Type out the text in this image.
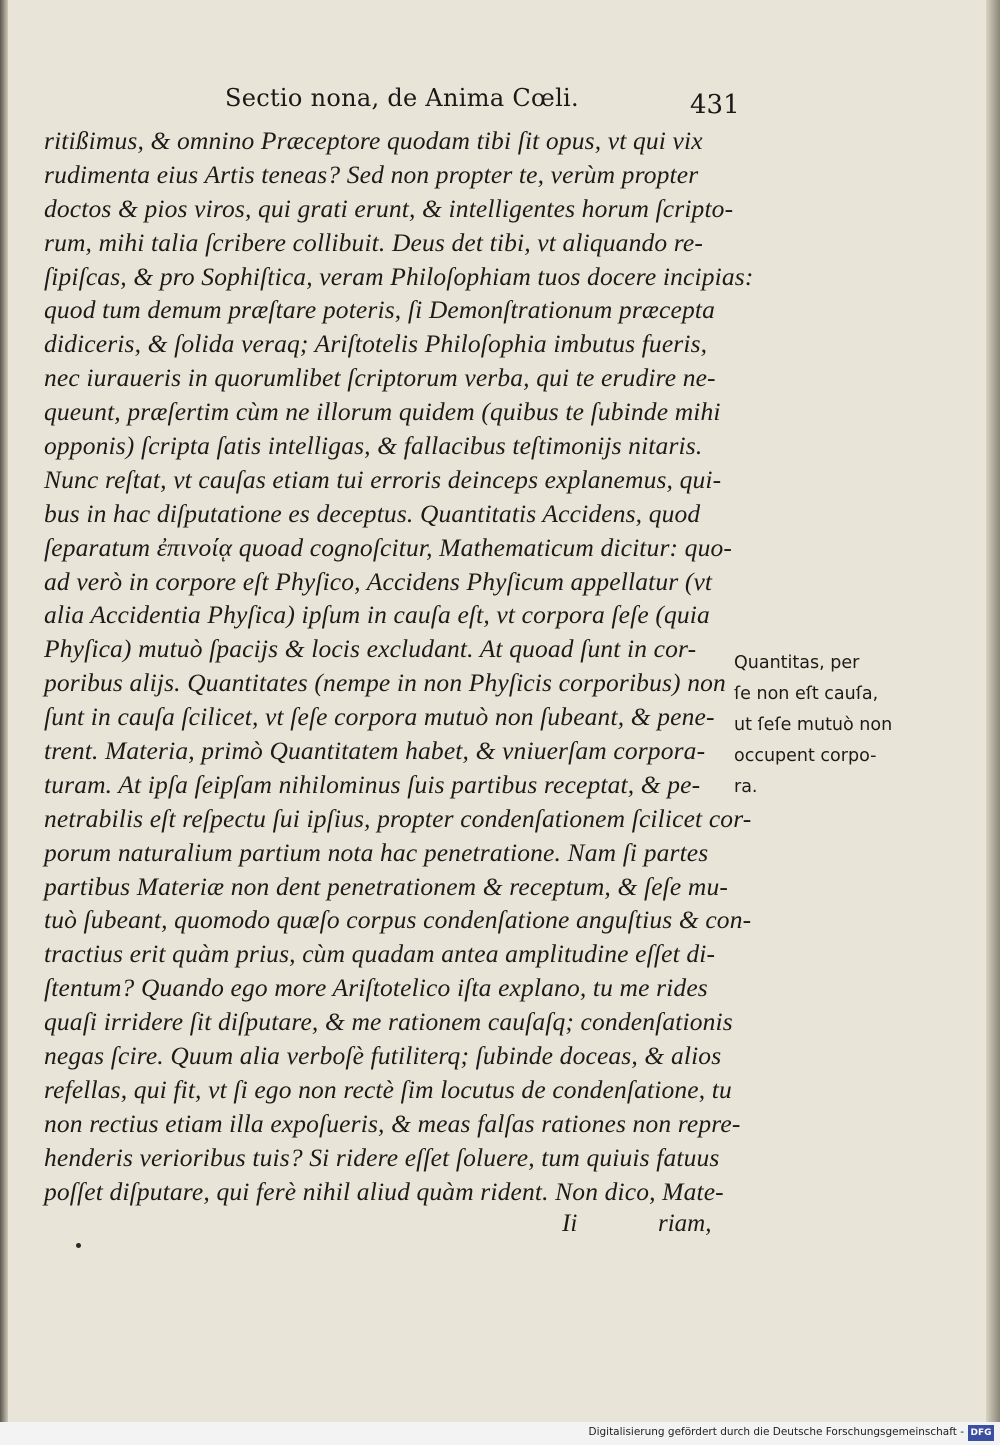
Sectio nona, de Anima Cœli.	431
ritißimus, & omnino Præceptore quodam tibi ſit opus, vt qui vix
rudimenta eius Artis teneas? Sed non propter te, verùm propter
doctos & pios viros, qui grati erunt, & intelligentes horum ſcripto-
rum, mihi talia ſcribere collibuit. Deus det tibi, vt aliquando re-
ſipiſcas, & pro Sophiſtica, veram Philoſophiam tuos docere incipias:
quod tum demum præſtare poteris, ſi Demonſtrationum præcepta
didiceris, & ſolida veraq; Ariſtotelis Philoſophia imbutus fueris,
nec iuraueris in quorumlibet ſcriptorum verba, qui te erudire ne-
queunt, præſertim cùm ne illorum quidem (quibus te ſubinde mihi
opponis) ſcripta ſatis intelligas, & fallacibus teſtimonijs nitaris.
Nunc reſtat, vt cauſas etiam tui erroris deinceps explanemus, qui-
bus in hac diſputatione es deceptus. Quantitatis Accidens, quod
ſeparatum ἐπινοίᾳ quoad cognoſcitur, Mathematicum dicitur: quo-
ad verò in corpore eſt Phyſico, Accidens Phyſicum appellatur (vt
alia Accidentia Phyſica) ipſum in cauſa eſt, vt corpora ſeſe (quia
Phyſica) mutuò ſpacijs & locis excludant. At quoad ſunt in cor-
poribus alijs. Quantitates (nempe in non Phyſicis corporibus) non
ſunt in cauſa ſcilicet, vt ſeſe corpora mutuò non ſubeant, & pene-
trent. Materia, primò Quantitatem habet, & vniuerſam corpora-
turam. At ipſa ſeipſam nihilominus ſuis partibus receptat, & pe-
netrabilis eſt reſpectu ſui ipſius, propter condenſationem ſcilicet cor-
porum naturalium partium nota hac penetratione. Nam ſi partes
partibus Materiæ non dent penetrationem & receptum, & ſeſe mu-
tuò ſubeant, quomodo quæſo corpus condenſatione anguſtius & con-
tractius erit quàm prius, cùm quadam antea amplitudine eſſet di-
ſtentum? Quando ego more Ariſtotelico iſta explano, tu me rides
quaſi irridere ſit diſputare, & me rationem cauſaſq; condenſationis
negas ſcire. Quum alia verboſè futiliterq; ſubinde doceas, & alios
refellas, qui fit, vt ſi ego non rectè ſim locutus de condenſatione, tu
non rectius etiam illa expoſueris, & meas falſas rationes non repre-
henderis verioribus tuis? Si ridere eſſet ſoluere, tum quiuis fatuus
poſſet diſputare, qui ferè nihil aliud quàm rident. Non dico, Mate-
Quantitas, per
ſe non eſt cauſa,
ut ſeſe mutuò non
occupent corpo-
ra.
Ii	riam,
Digitalisierung gefördert durch die Deutsche Forschungsgemeinschaft - DFG
